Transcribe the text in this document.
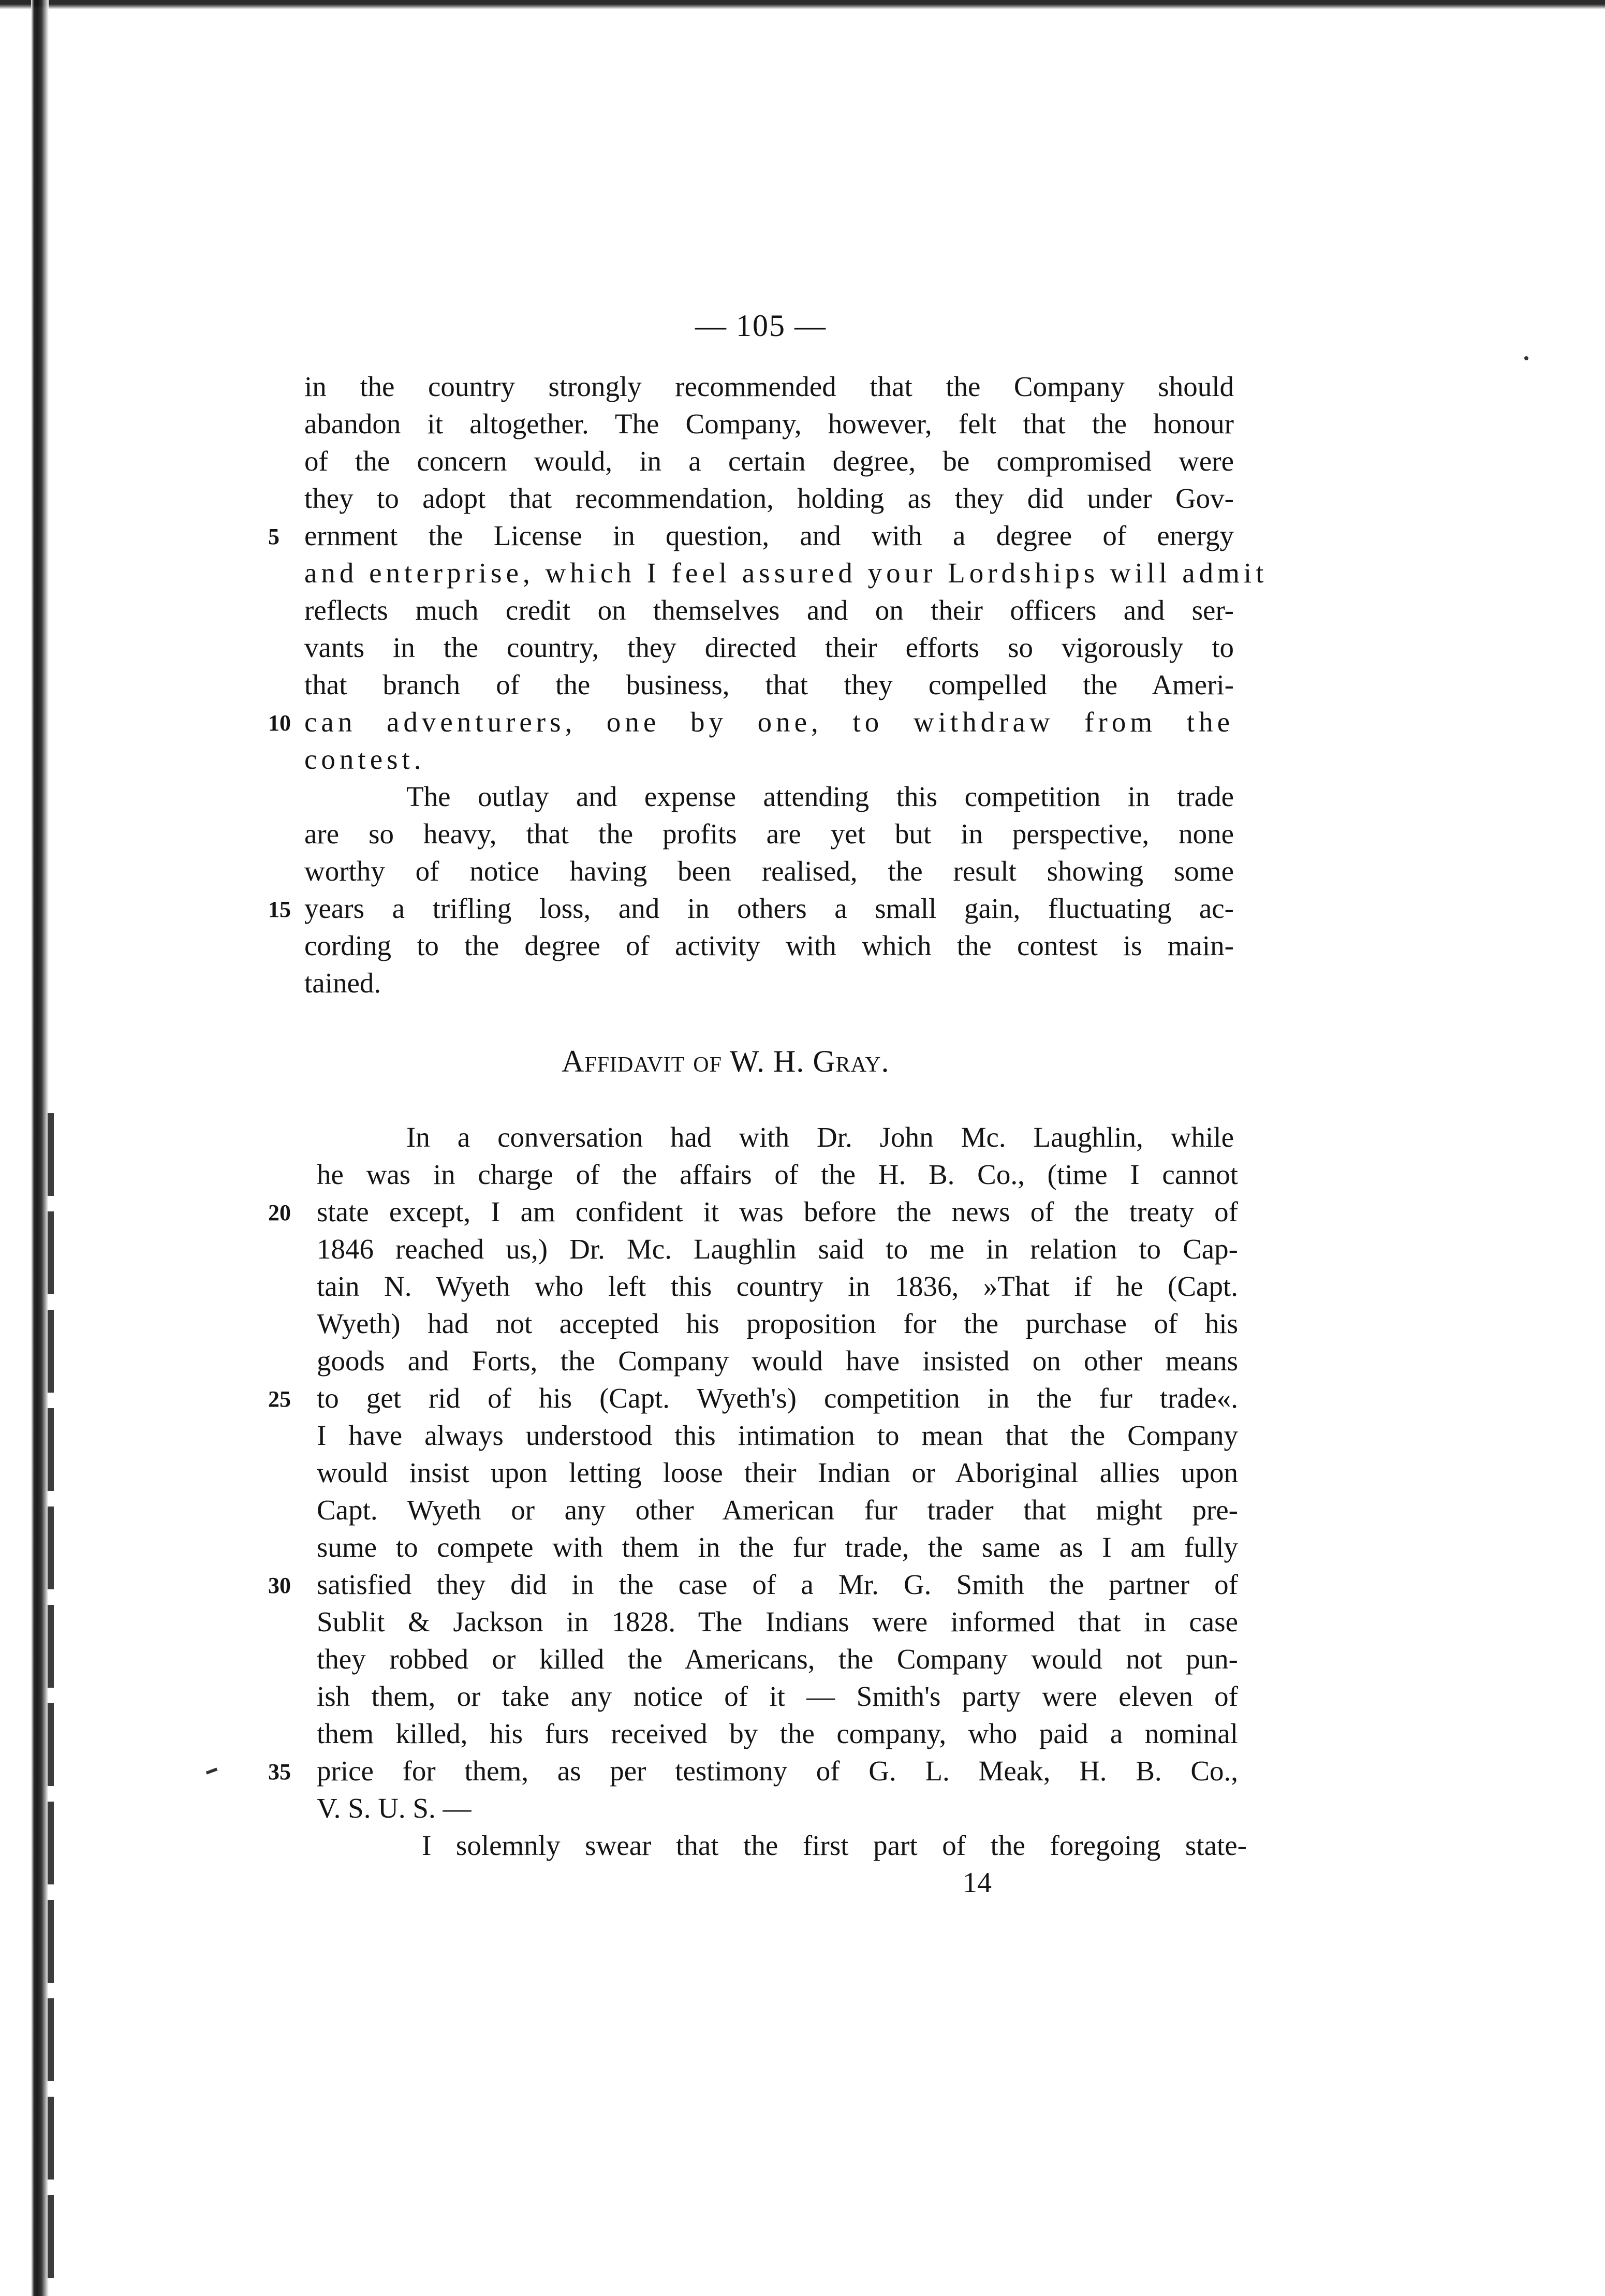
— 105 —
in the country strongly recommended that the Company should
abandon it altogether. The Company, however, felt that the honour
of the concern would, in a certain degree, be compromised were
they to adopt that recommendation, holding as they did under Gov-
5 ernment the License in question, and with a degree of energy
and enterprise, which I feel assured your Lordships will admit
reflects much credit on themselves and on their officers and ser-
vants in the country, they directed their efforts so vigorously to
that branch of the business, that they compelled the Ameri-
10 can adventurers, one by one, to withdraw from the
contest.
The outlay and expense attending this competition in trade
are so heavy, that the profits are yet but in perspective, none
worthy of notice having been realised, the result showing some
15 years a trifling loss, and in others a small gain, fluctuating ac-
cording to the degree of activity with which the contest is main-
tained.
Affidavit of W. H. Gray.
In a conversation had with Dr. John Mc. Laughlin, while
he was in charge of the affairs of the H. B. Co., (time I cannot
20 state except, I am confident it was before the news of the treaty of
1846 reached us,) Dr. Mc. Laughlin said to me in relation to Cap-
tain N. Wyeth who left this country in 1836, »That if he (Capt.
Wyeth) had not accepted his proposition for the purchase of his
goods and Forts, the Company would have insisted on other means
25 to get rid of his (Capt. Wyeth's) competition in the fur trade«.
I have always understood this intimation to mean that the Company
would insist upon letting loose their Indian or Aboriginal allies upon
Capt. Wyeth or any other American fur trader that might pre-
sume to compete with them in the fur trade, the same as I am fully
30 satisfied they did in the case of a Mr. G. Smith the partner of
Sublit & Jackson in 1828. The Indians were informed that in case
they robbed or killed the Americans, the Company would not pun-
ish them, or take any notice of it — Smith's party were eleven of
them killed, his furs received by the company, who paid a nominal
35 price for them, as per testimony of G. L. Meak, H. B. Co.,
V. S. U. S. —
I solemnly swear that the first part of the foregoing state-
14
